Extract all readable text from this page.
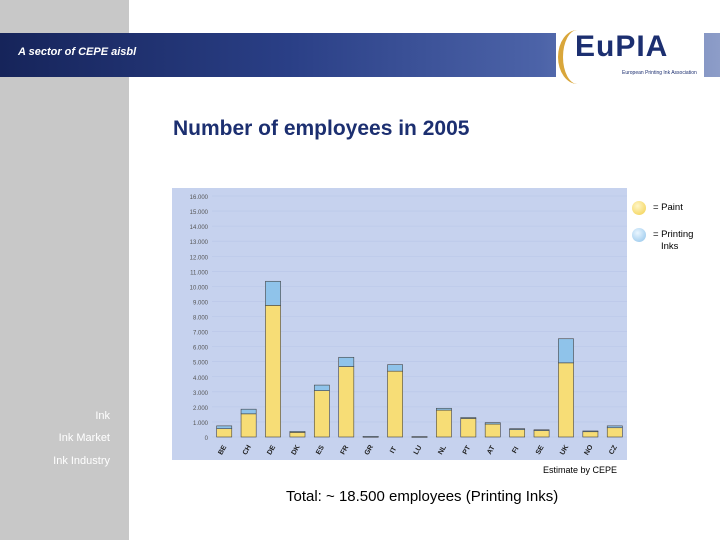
A sector of CEPE aisbl	EuPIA
European Printing Ink Association
Number of employees in 2005
Ink
Ink Market
Ink Industry
0
1.000
2.000
3.000
4.000
5.000
6.000
7.000
8.000
9.000
10.000
11.000
12.000
13.000
14.000
15.000
16.000
BE CH DE DK ES FR GR IT LU NL PT AT FI SE UK NO CZ
= Paint
= Printing
Inks
Estimate by CEPE
Total: ~ 18.500 employees (Printing Inks)
